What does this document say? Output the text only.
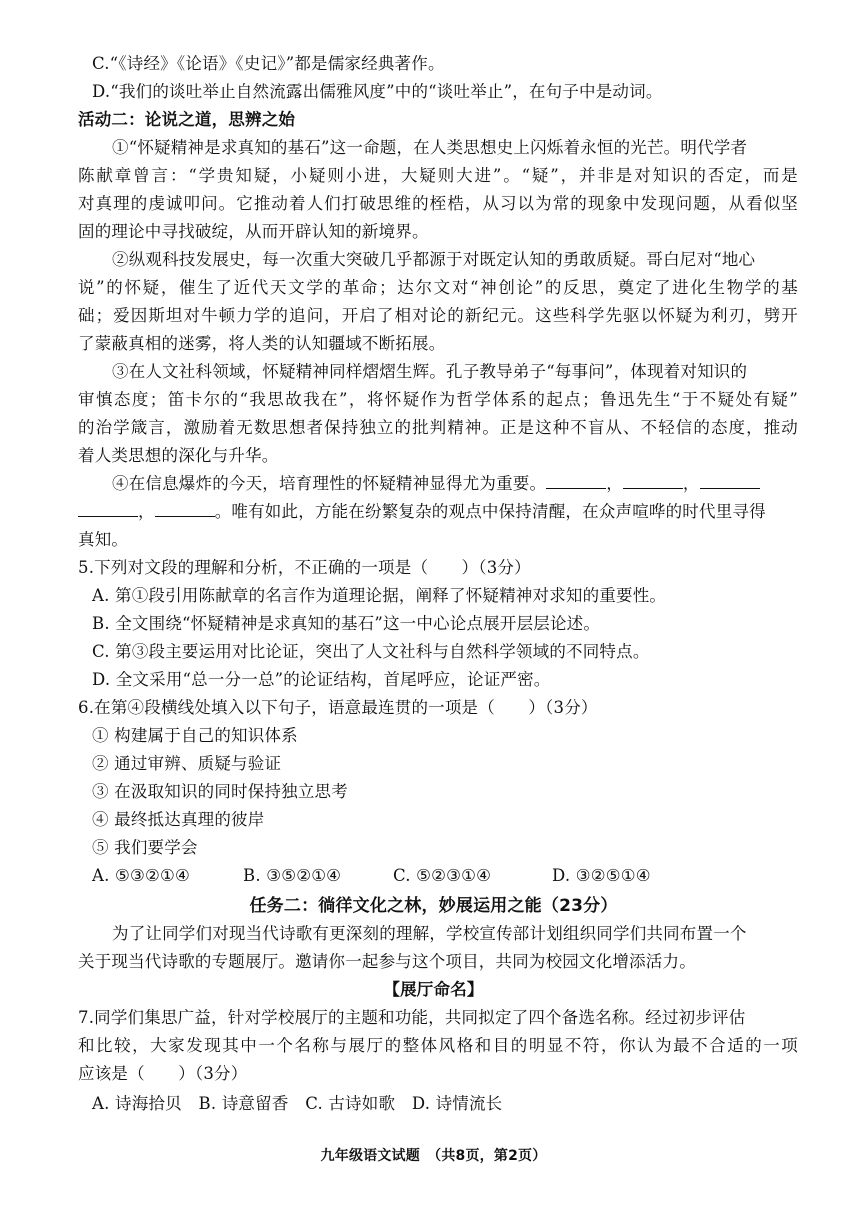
C.“《诗经》《论语》《史记》”都是儒家经典著作。
D.“我们的谈吐举止自然流露出儒雅风度”中的“谈吐举止”，在句子中是动词。
活动二：论说之道，思辨之始
①“怀疑精神是求真知的基石”这一命题，在人类思想史上闪烁着永恒的光芒。明代学者
陈献章曾言：“学贵知疑，小疑则小进，大疑则大进”。“疑”，并非是对知识的否定，而是
对真理的虔诚叩问。它推动着人们打破思维的桎梏，从习以为常的现象中发现问题，从看似坚
固的理论中寻找破绽，从而开辟认知的新境界。
②纵观科技发展史，每一次重大突破几乎都源于对既定认知的勇敢质疑。哥白尼对“地心
说”的怀疑，催生了近代天文学的革命；达尔文对“神创论”的反思，奠定了进化生物学的基
础；爱因斯坦对牛顿力学的追问，开启了相对论的新纪元。这些科学先驱以怀疑为利刃，劈开
了蒙蔽真相的迷雾，将人类的认知疆域不断拓展。
③在人文社科领域，怀疑精神同样熠熠生辉。孔子教导弟子“每事问”，体现着对知识的
审慎态度；笛卡尔的“我思故我在”，将怀疑作为哲学体系的起点；鲁迅先生“于不疑处有疑”
的治学箴言，激励着无数思想者保持独立的批判精神。正是这种不盲从、不轻信的态度，推动
着人类思想的深化与升华。
④在信息爆炸的今天，培育理性的怀疑精神显得尤为重要。	，	，
，	。唯有如此，方能在纷繁复杂的观点中保持清醒，在众声喧哗的时代里寻得
真知。
5.下列对文段的理解和分析，不正确的一项是（　　）（3分）
A. 第①段引用陈献章的名言作为道理论据，阐释了怀疑精神对求知的重要性。
B. 全文围绕“怀疑精神是求真知的基石”这一中心论点展开层层论述。
C. 第③段主要运用对比论证，突出了人文社科与自然科学领域的不同特点。
D. 全文采用“总一分一总”的论证结构，首尾呼应，论证严密。
6.在第④段横线处填入以下句子，语意最连贯的一项是（　　）（3分）
① 构建属于自己的知识体系
② 通过审辨、质疑与验证
③ 在汲取知识的同时保持独立思考
④ 最终抵达真理的彼岸
⑤ 我们要学会
A. ⑤③②①④	B. ③⑤②①④	C. ⑤②③①④	D. ③②⑤①④
任务二：徜徉文化之林，妙展运用之能（23分）
为了让同学们对现当代诗歌有更深刻的理解，学校宣传部计划组织同学们共同布置一个
关于现当代诗歌的专题展厅。邀请你一起参与这个项目，共同为校园文化增添活力。
【展厅命名】
7.同学们集思广益，针对学校展厅的主题和功能，共同拟定了四个备选名称。经过初步评估
和比较，大家发现其中一个名称与展厅的整体风格和目的明显不符，你认为最不合适的一项
应该是（　　）（3分）
A. 诗海拾贝　B. 诗意留香　C. 古诗如歌　D. 诗情流长
九年级语文试题　（共8页，第2页）
